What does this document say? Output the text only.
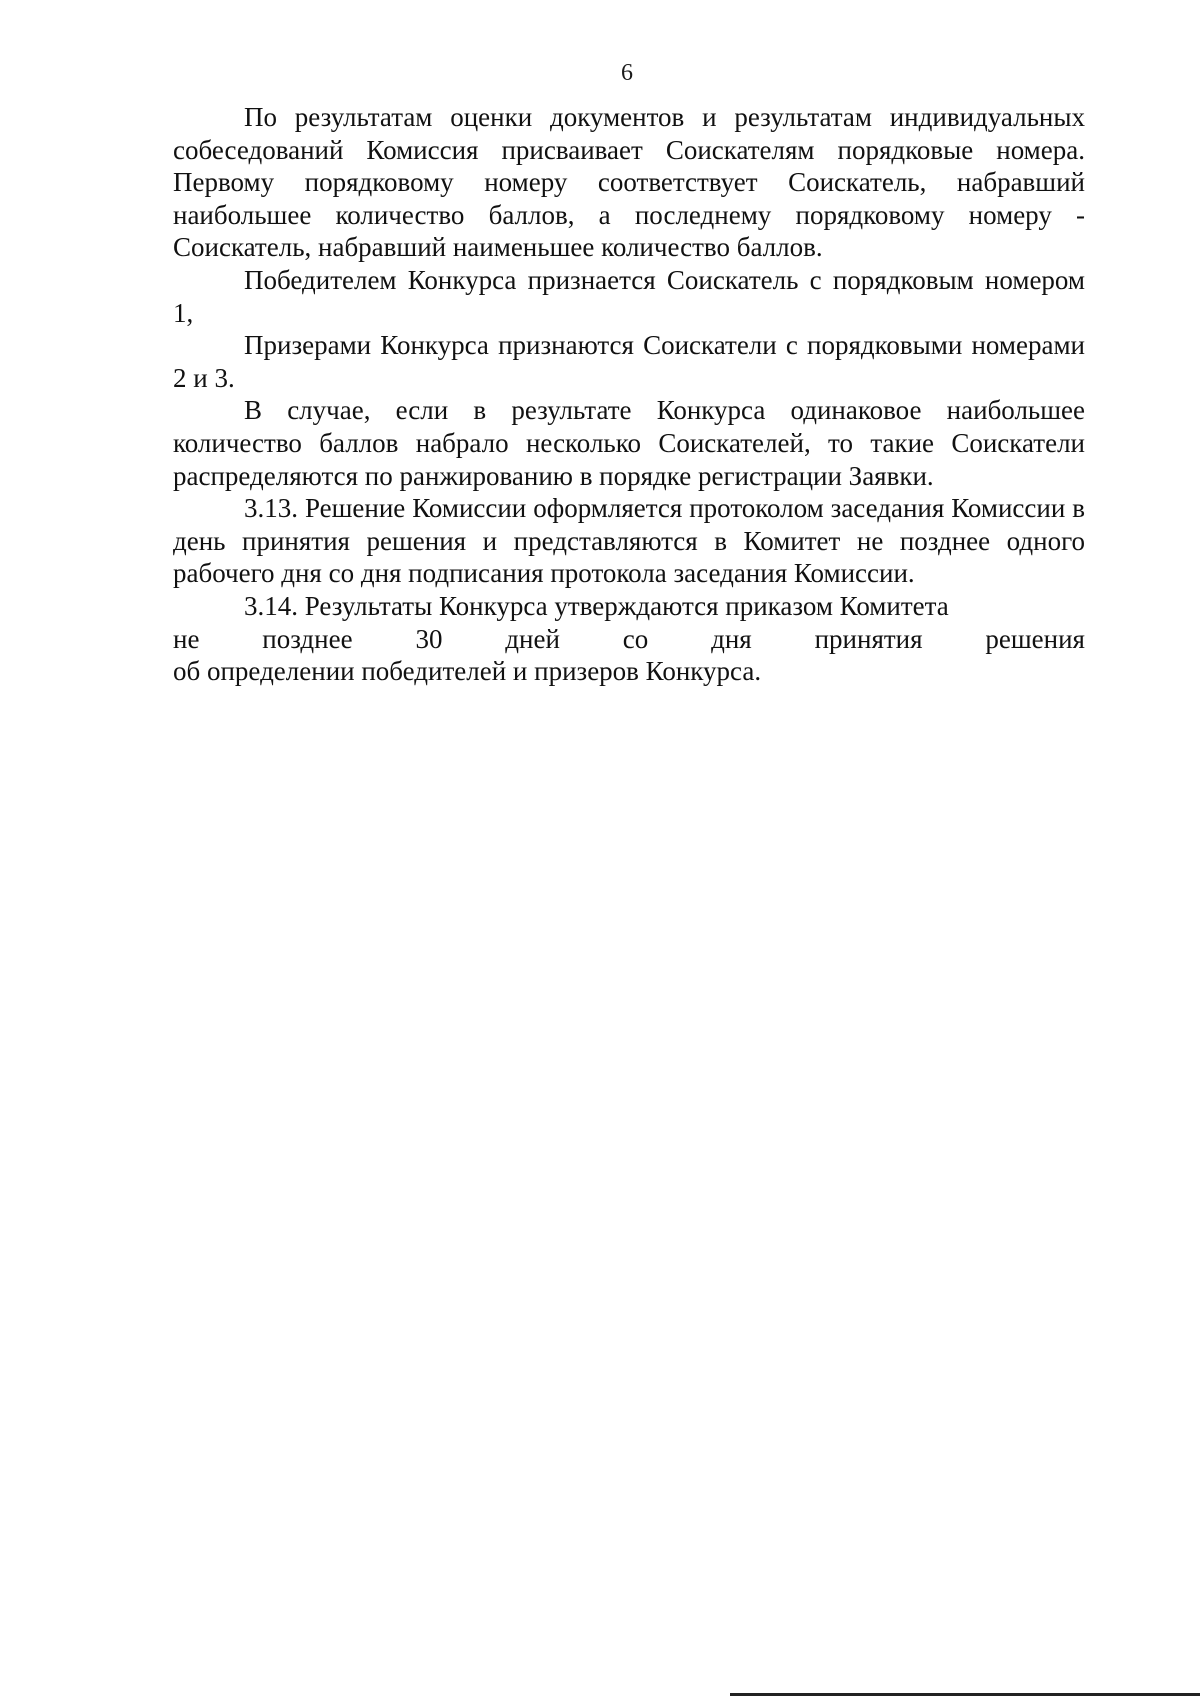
6

По результатам оценки документов и результатам индивидуальных собеседований Комиссия присваивает Соискателям порядковые номера. Первому порядковому номеру соответствует Соискатель, набравший наибольшее количество баллов, а последнему порядковому номеру - Соискатель, набравший наименьшее количество баллов.

Победителем Конкурса признается Соискатель с порядковым номером 1,

Призерами Конкурса признаются Соискатели с порядковыми номерами 2 и 3.

В случае, если в результате Конкурса одинаковое наибольшее количество баллов набрало несколько Соискателей, то такие Соискатели распределяются по ранжированию в порядке регистрации Заявки.

3.13. Решение Комиссии оформляется протоколом заседания Комиссии в день принятия решения и представляются в Комитет не позднее одного рабочего дня со дня подписания протокола заседания Комиссии.

3.14. Результаты Конкурса утверждаются приказом Комитета

не позднее 30 дней со дня принятия решения

об определении победителей и призеров Конкурса.
